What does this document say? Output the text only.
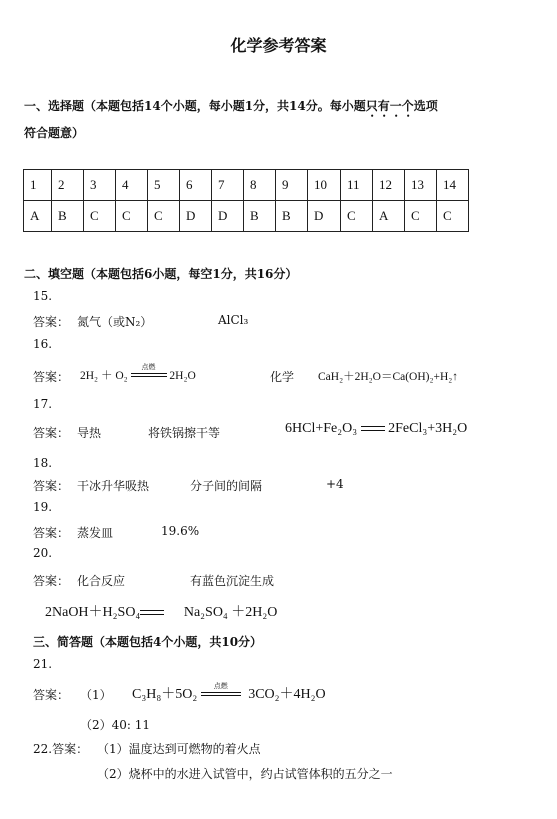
化学参考答案
一、选择题（本题包括14个小题，每小题1分，共14分。每小题只有一个选项
符合题意）
1	2	3	4	5	6	7	8	9	10	11	12	13	14
A	B	C	C	C	D	D	B	B	D	C	A	C	C
二、填空题（本题包括6小题，每空1分，共16分）
15.
答案： 氮气（或N₂）	AlCl₃
16.
答案： 2H₂ ＋ O₂
点燃
2H₂O	化学 CaH₂＋2H₂O＝Ca(OH)₂+H₂↑
17.
答案： 导热	将铁锅擦干等	6HCl+Fe₂O₃ 2FeCl₃+3H₂O
18.
答案： 干冰升华吸热	分子间的间隔	+4
19.
答案： 蒸发皿	19.6%
20.
答案： 化合反应	有蓝色沉淀生成
2NaOH＋H₂SO₄	Na₂SO₄ ＋2H₂O
三、简答题（本题包括4个小题，共10分）
21.
答案： （1） C₃H₈＋5O₂
点燃
3CO₂＋4H₂O
（2）40: 11
22.答案： （1）温度达到可燃物的着火点
（2）烧杯中的水进入试管中，约占试管体积的五分之一
